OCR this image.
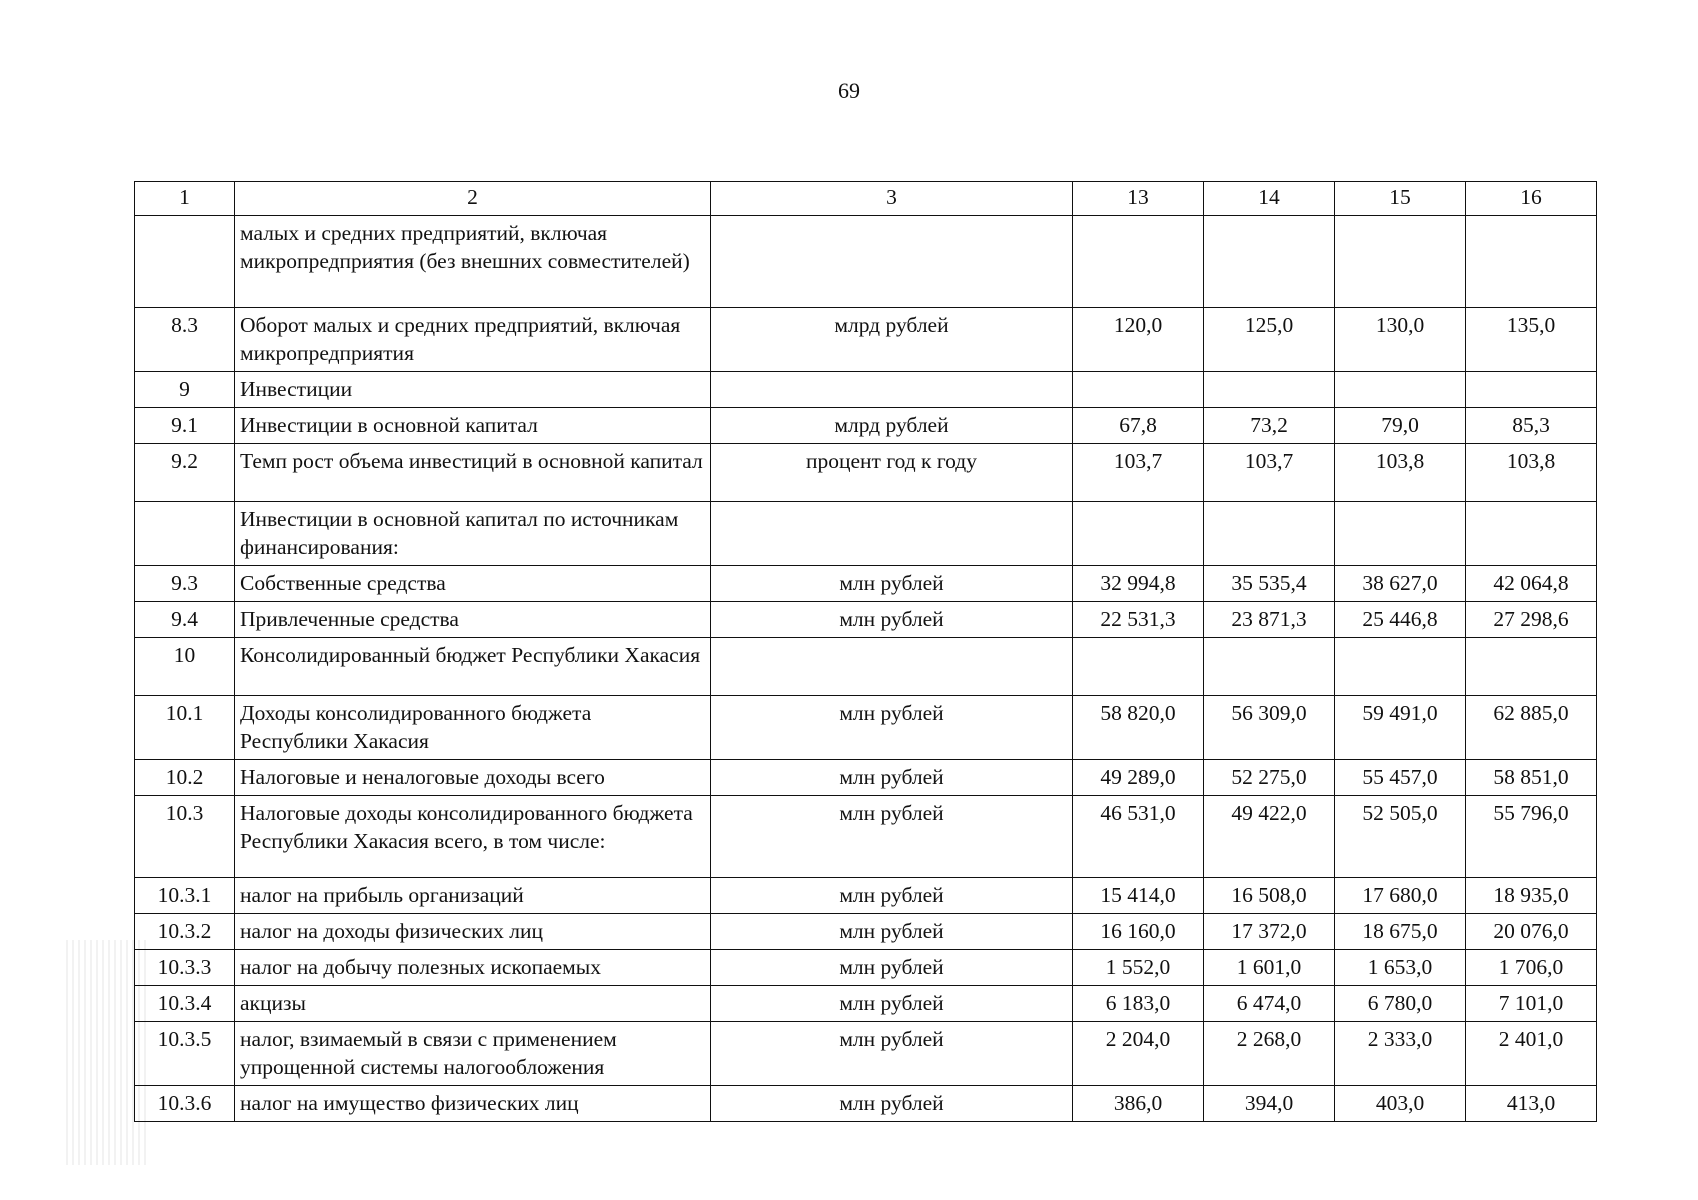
69
1	2	3	13	14	15	16
	малых и средних предприятий, включая микропредприятия (без внешних совместителей)					
8.3	Оборот малых и средних предприятий, включая микропредприятия	млрд рублей	120,0	125,0	130,0	135,0
9	Инвестиции					
9.1	Инвестиции в основной капитал	млрд рублей	67,8	73,2	79,0	85,3
9.2	Темп рост объема инвестиций в основной капитал	процент год к году	103,7	103,7	103,8	103,8
	Инвестиции в основной капитал по источникам финансирования:					
9.3	Собственные средства	млн рублей	32 994,8	35 535,4	38 627,0	42 064,8
9.4	Привлеченные средства	млн рублей	22 531,3	23 871,3	25 446,8	27 298,6
10	Консолидированный бюджет Республики Хакасия					
10.1	Доходы консолидированного бюджета Республики Хакасия	млн рублей	58 820,0	56 309,0	59 491,0	62 885,0
10.2	Налоговые и неналоговые доходы всего	млн рублей	49 289,0	52 275,0	55 457,0	58 851,0
10.3	Налоговые доходы консолидированного бюджета Республики Хакасия всего, в том числе:	млн рублей	46 531,0	49 422,0	52 505,0	55 796,0
10.3.1	налог на прибыль организаций	млн рублей	15 414,0	16 508,0	17 680,0	18 935,0
10.3.2	налог на доходы физических лиц	млн рублей	16 160,0	17 372,0	18 675,0	20 076,0
10.3.3	налог на добычу полезных ископаемых	млн рублей	1 552,0	1 601,0	1 653,0	1 706,0
10.3.4	акцизы	млн рублей	6 183,0	6 474,0	6 780,0	7 101,0
10.3.5	налог, взимаемый в связи с применением упрощенной системы налогообложения	млн рублей	2 204,0	2 268,0	2 333,0	2 401,0
10.3.6	налог на имущество физических лиц	млн рублей	386,0	394,0	403,0	413,0
